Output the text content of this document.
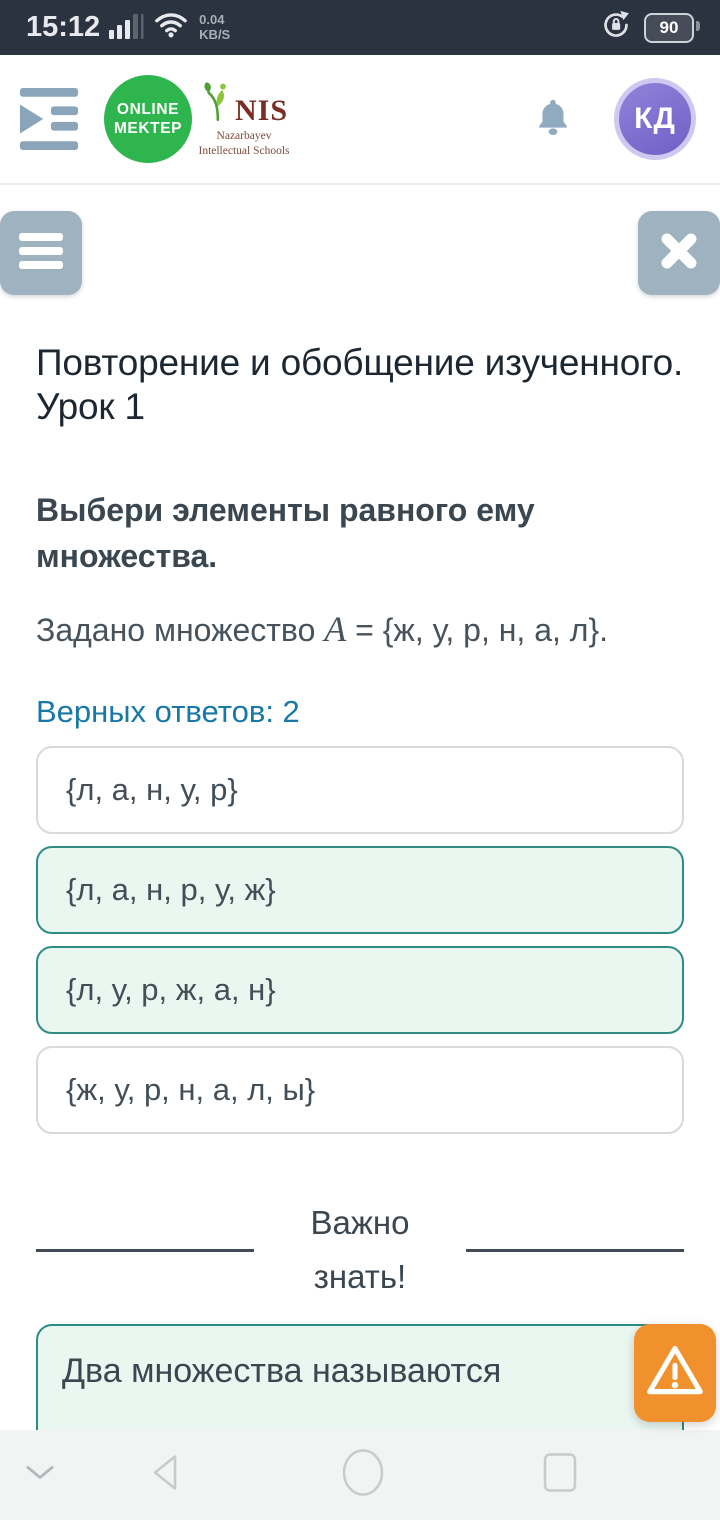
15:12	0.04
KB/S	90
ONLINE
MEKTEP
NIS
Nazarbayev Intellectual Schools
КД
Повторение и обобщение изученного. Урок 1
Выбери элементы равного ему множества.
Задано множество A = {ж, у, р, н, а, л}.
Верных ответов: 2
{л, а, н, у, р}
{л, а, н, р, у, ж}
{л, у, р, ж, а, н}
{ж, у, р, н, а, л, ы}
Важно
знать!
Два множества называются
